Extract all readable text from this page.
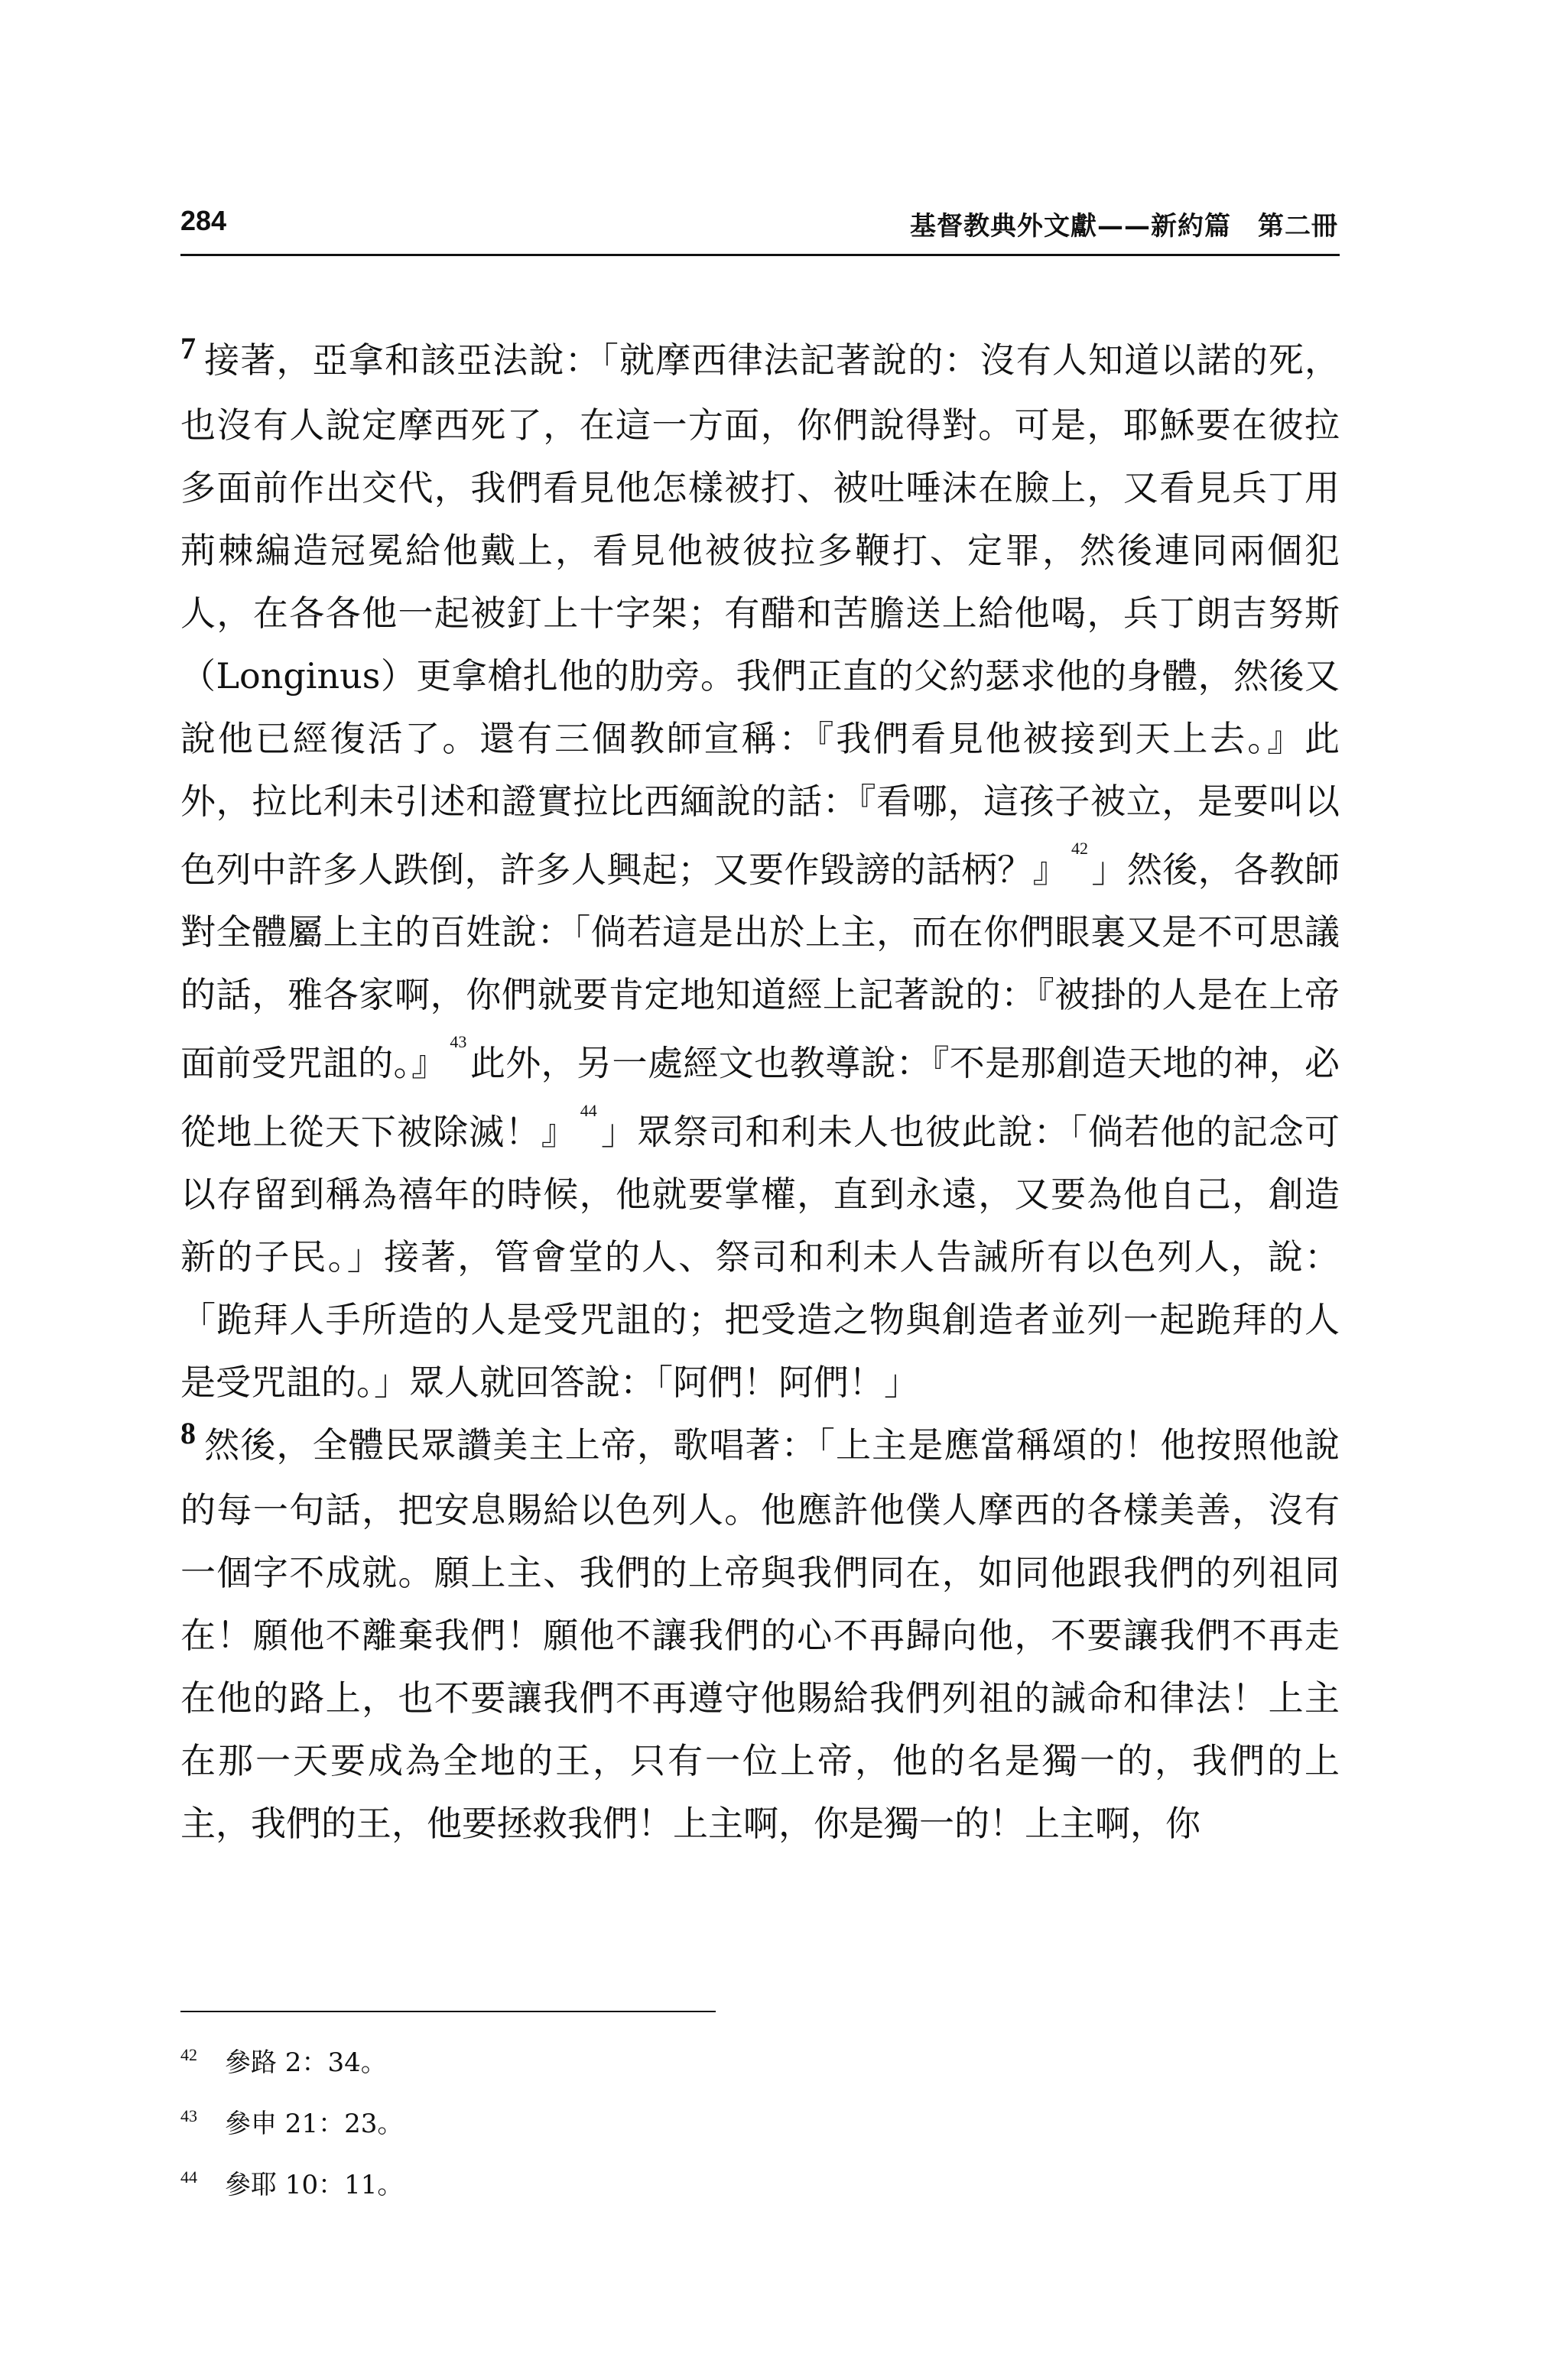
284	基督教典外文獻——新約篇　第二冊

7 接著，亞拿和該亞法說：「就摩西律法記著說的：沒有人知道以諾的死，也沒有人說定摩西死了，在這一方面，你們說得對。可是，耶穌要在彼拉多面前作出交代，我們看見他怎樣被打、被吐唾沫在臉上，又看見兵丁用荊棘編造冠冕給他戴上，看見他被彼拉多鞭打、定罪，然後連同兩個犯人，在各各他一起被釘上十字架；有醋和苦膽送上給他喝，兵丁朗吉努斯（Longinus）更拿槍扎他的肋旁。我們正直的父約瑟求他的身體，然後又說他已經復活了。還有三個教師宣稱：『我們看見他被接到天上去。』此外，拉比利未引述和證實拉比西緬說的話：『看哪，這孩子被立，是要叫以色列中許多人跌倒，許多人興起；又要作毀謗的話柄？』$^{42}$」然後，各教師對全體屬上主的百姓說：「倘若這是出於上主，而在你們眼裏又是不可思議的話，雅各家啊，你們就要肯定地知道經上記著說的：『被掛的人是在上帝面前受咒詛的。』$^{43}$此外，另一處經文也教導說：『不是那創造天地的神，必從地上從天下被除滅！』$^{44}$」眾祭司和利未人也彼此說：「倘若他的記念可以存留到稱為禧年的時候，他就要掌權，直到永遠，又要為他自己，創造新的子民。」接著，管會堂的人、祭司和利未人告誡所有以色列人，說：「跪拜人手所造的人是受咒詛的；把受造之物與創造者並列一起跪拜的人是受咒詛的。」眾人就回答說：「阿們！阿們！」

8 然後，全體民眾讚美主上帝，歌唱著：「上主是應當稱頌的！他按照他說的每一句話，把安息賜給以色列人。他應許他僕人摩西的各樣美善，沒有一個字不成就。願上主、我們的上帝與我們同在，如同他跟我們的列祖同在！願他不離棄我們！願他不讓我們的心不再歸向他，不要讓我們不再走在他的路上，也不要讓我們不再遵守他賜給我們列祖的誡命和律法！上主在那一天要成為全地的王，只有一位上帝，他的名是獨一的，我們的上主，我們的王，他要拯救我們！上主啊，你是獨一的！上主啊，你

42	參路 2：34。
43	參申 21：23。
44	參耶 10：11。
